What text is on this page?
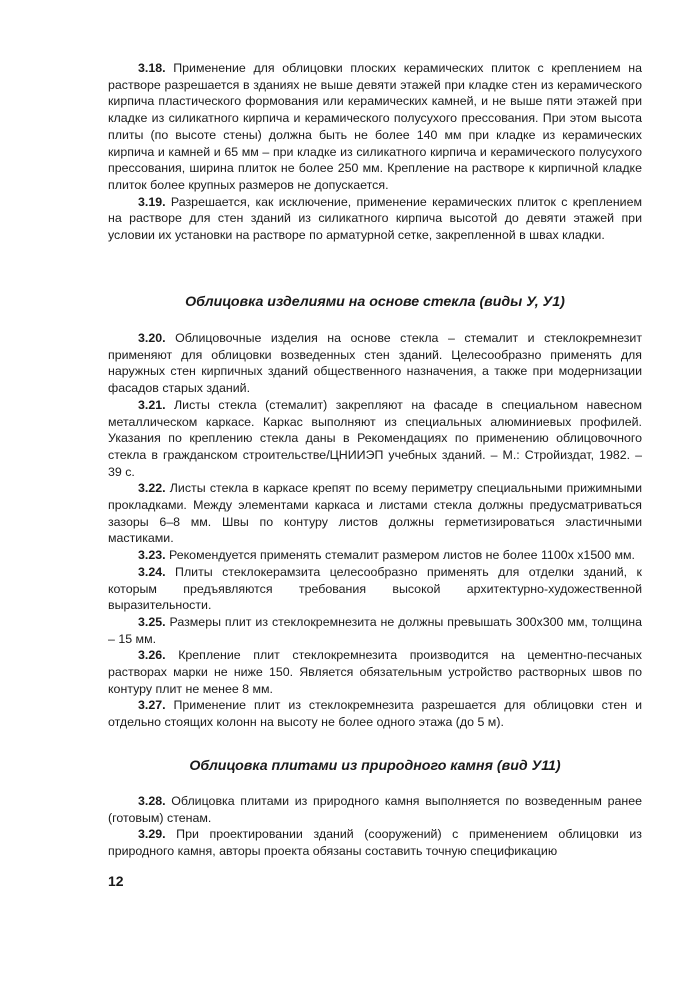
3.18. Применение для облицовки плоских керамических плиток с креплением на растворе разрешается в зданиях не выше девяти этажей при кладке стен из керамического кирпича пластического формования или керамических камней, и не выше пяти этажей при кладке из силикатного кирпича и керамического полусухого прессования. При этом высота плиты (по высоте стены) должна быть не более 140 мм при кладке из керамических кирпича и камней и 65 мм – при кладке из силикатного кирпича и керамического полусухого прессования, ширина плиток не более 250 мм. Крепление на растворе к кирпичной кладке плиток более крупных размеров не допускается.

3.19. Разрешается, как исключение, применение керамических плиток с креплением на растворе для стен зданий из силикатного кирпича высотой до девяти этажей при условии их установки на растворе по арматурной сетке, закрепленной в швах кладки.

Облицовка изделиями на основе стекла (виды У, У1)

3.20. Облицовочные изделия на основе стекла – стемалит и стеклокремнезит применяют для облицовки возведенных стен зданий. Целесообразно применять для наружных стен кирпичных зданий общественного назначения, а также при модернизации фасадов старых зданий.

3.21. Листы стекла (стемалит) закрепляют на фасаде в специальном навесном металлическом каркасе. Каркас выполняют из специальных алюминиевых профилей. Указания по креплению стекла даны в Рекомендациях по применению облицовочного стекла в гражданском строительстве/ЦНИИЭП учебных зданий. – М.: Стройиздат, 1982. – 39 с.

3.22. Листы стекла в каркасе крепят по всему периметру специальными прижимными прокладками. Между элементами каркаса и листами стекла должны предусматриваться зазоры 6–8 мм. Швы по контуру листов должны герметизироваться эластичными мастиками.

3.23. Рекомендуется применять стемалит размером листов не более 1100х х1500 мм.

3.24. Плиты стеклокерамзита целесообразно применять для отделки зданий, к которым предъявляются требования высокой архитектурно-художественной выразительности.

3.25. Размеры плит из стеклокремнезита не должны превышать 300х300 мм, толщина – 15 мм.

3.26. Крепление плит стеклокремнезита производится на цементно-песчаных растворах марки не ниже 150. Является обязательным устройство растворных швов по контуру плит не менее 8 мм.

3.27. Применение плит из стеклокремнезита разрешается для облицовки стен и отдельно стоящих колонн на высоту не более одного этажа (до 5 м).

Облицовка плитами из природного камня (вид У11)

3.28. Облицовка плитами из природного камня выполняется по возведенным ранее (готовым) стенам.

3.29. При проектировании зданий (сооружений) с применением облицовки из природного камня, авторы проекта обязаны составить точную спецификацию

12
